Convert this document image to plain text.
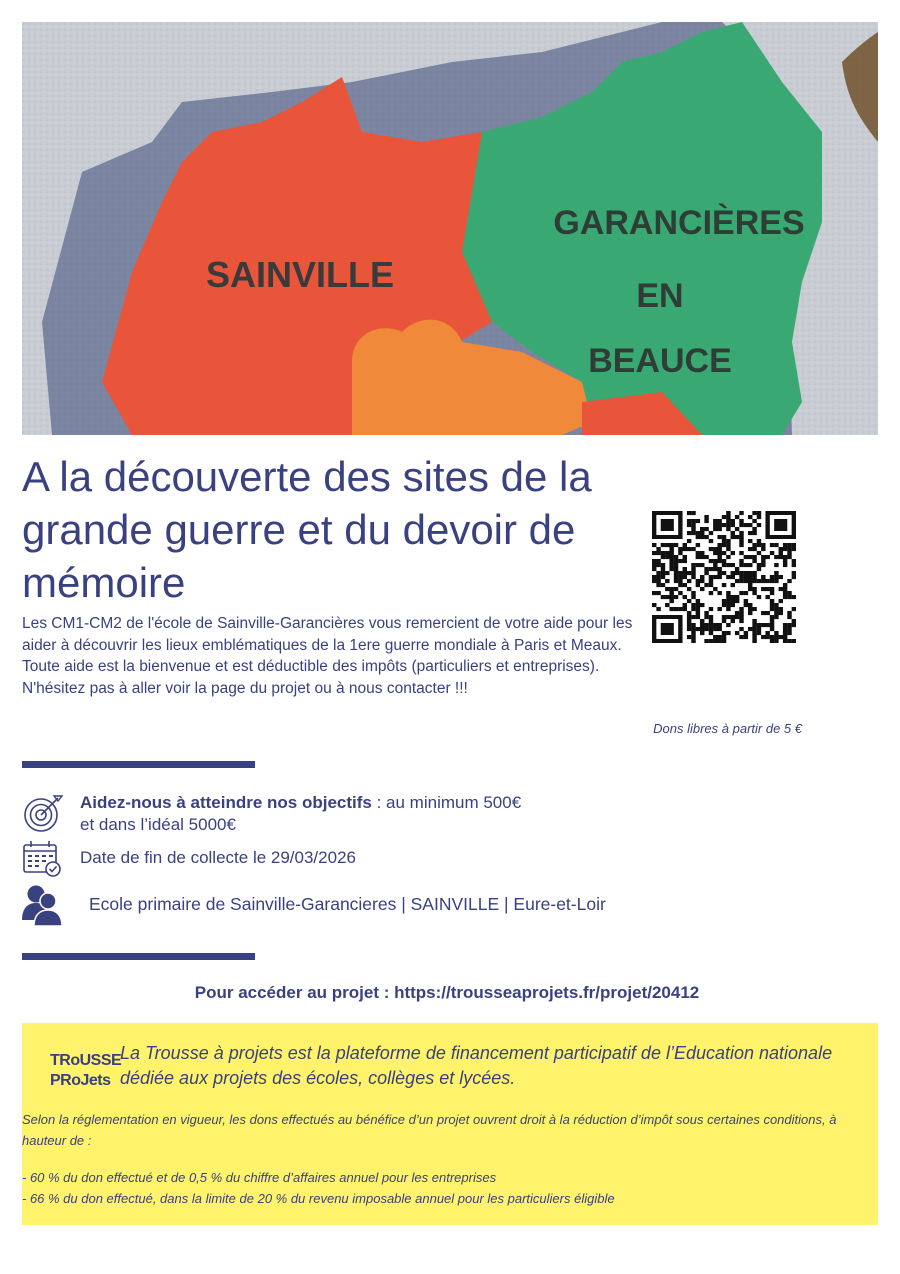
SAINVILLE
GARANCIÈRES
EN
BEAUCE
A la découverte des sites de la grande guerre et du devoir de mémoire

Les CM1-CM2 de l'école de Sainville-Garancières vous remercient de votre aide pour les aider à découvrir les lieux emblématiques de la 1ere guerre mondiale à Paris et Meaux. Toute aide est la bienvenue et est déductible des impôts (particuliers et entreprises). N'hésitez pas à aller voir la page du projet ou à nous contacter !!!

Dons libres à partir de 5 €
Aidez-nous à atteindre nos objectifs : au minimum 500€
et dans l’idéal 5000€
Date de fin de collecte le 29/03/2026
Ecole primaire de Sainville-Garancieres | SAINVILLE | Eure-et-Loir
Pour accéder au projet : https://trousseaprojets.fr/projet/20412
TRoUSSE
PRoJets
La Trousse à projets est la plateforme de financement participatif de l’Education nationale
dédiée aux projets des écoles, collèges et lycées.

Selon la réglementation en vigueur, les dons effectués au bénéfice d’un projet ouvrent droit à la réduction d’impôt sous certaines conditions, à hauteur de :

- 60 % du don effectué et de 0,5 % du chiffre d’affaires annuel pour les entreprises

- 66 % du don effectué, dans la limite de 20 % du revenu imposable annuel pour les particuliers éligible
